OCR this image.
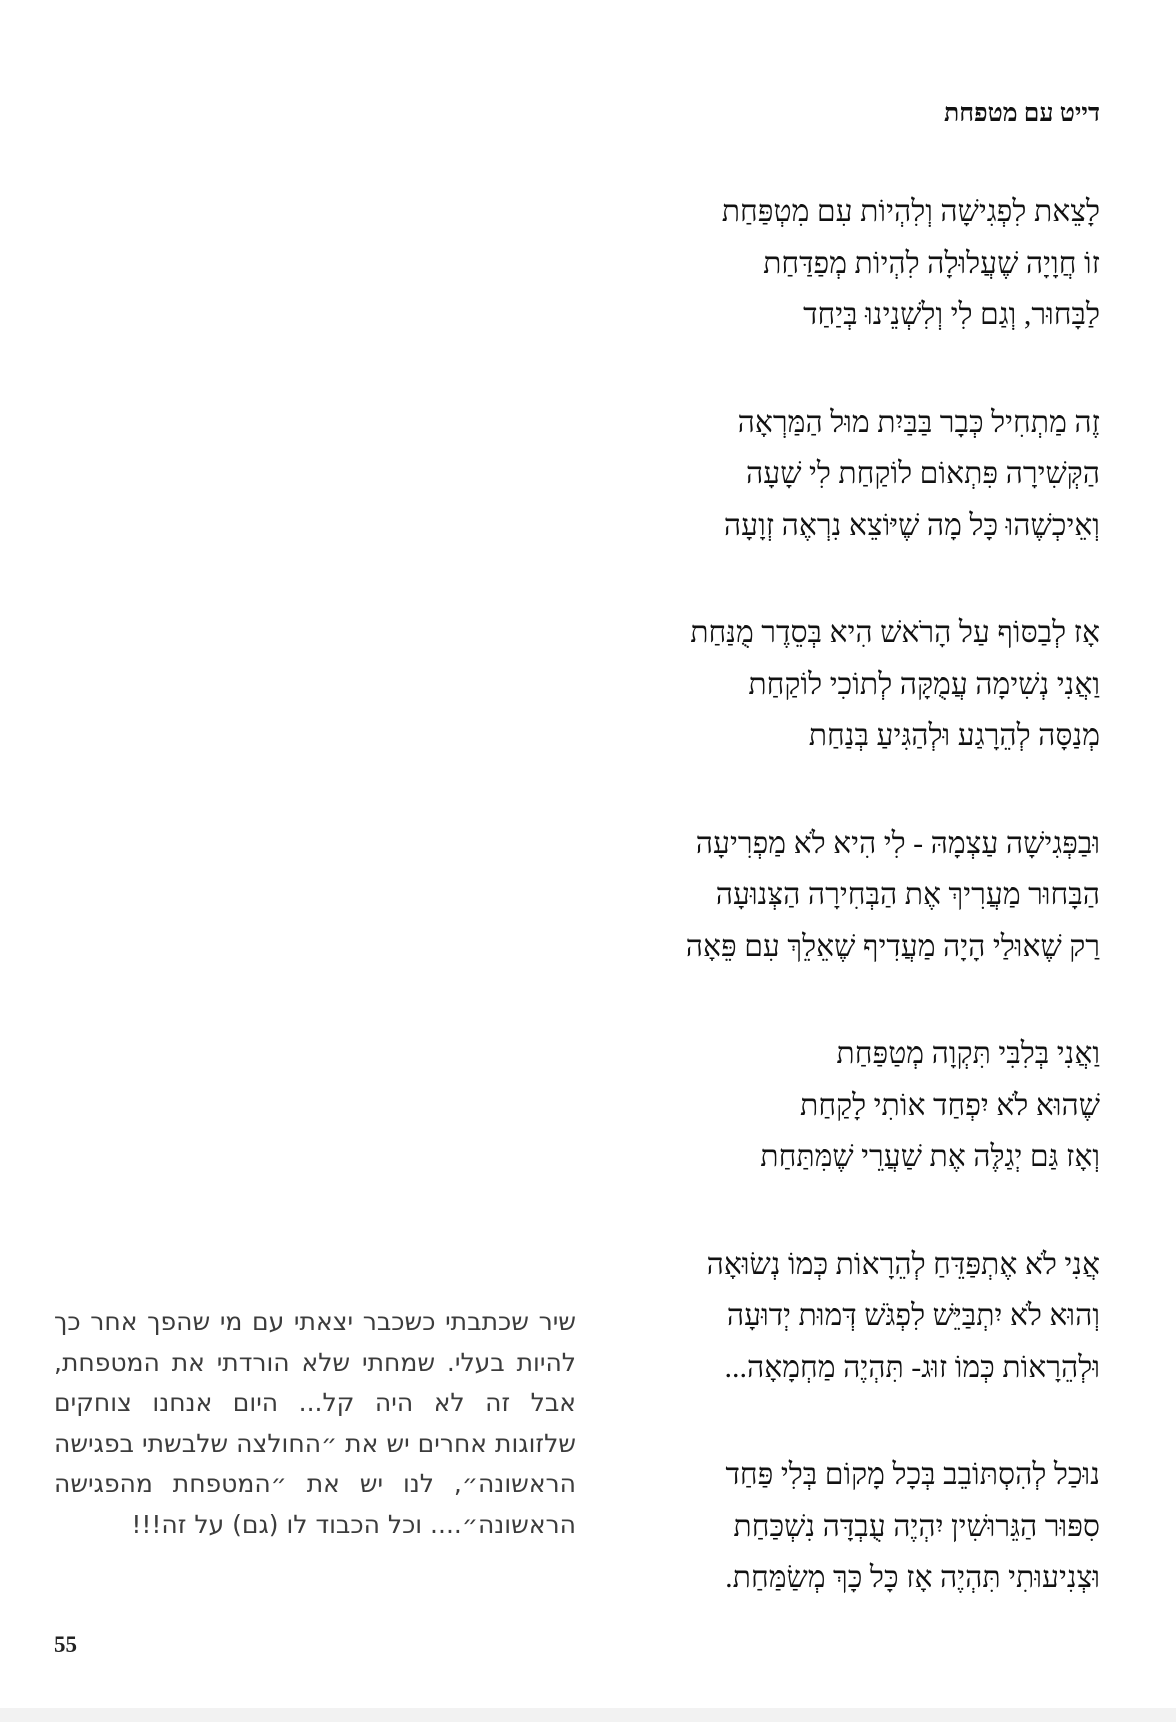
דייט עם מטפחת
לָצֵאת לִפְגִישָׁה וְלִהְיוֹת עִם מִטְפַּחַת
זוֹ חֲוָיָה שֶׁעֲלוּלָה לִהְיוֹת מְפַדַּחַת
לַבָּחוּר, וְגַם לִי וְלִשְׁנֵינוּ בְּיַחַד
זֶה מַתְחִיל כְּבָר בַּבַּיִת מוּל הַמַּרְאָה
הַקְּשִׁירָה פִּתְאוֹם לוֹקַחַת לִי שָׁעָה
וְאֵיכְשֶׁהוּ כָּל מָה שֶׁיּוֹצֵא נִרְאֶה זְוָעָה
אָז לְבַסּוֹף עַל הָרֹאשׁ הִיא בְּסֵדֶר מֻנַּחַת
וַאֲנִי נְשִׁימָה עֲמֻקָּה לְתוֹכִי לוֹקַחַת
מְנַסָּה לְהֵרָגַע וּלְהַגִּיעַ בְּנַחַת
וּבַפְּגִישָׁה עַצְמָהּ - לִי הִיא לֹא מַפְרִיעָה
הַבָּחוּר מַעֲרִיךְ אֶת הַבְּחִירָה הַצְּנוּעָה
רַק שֶׁאוּלַי הָיָה מַעֲדִיף שֶׁאֵלֵךְ עִם פֵּאָה
וַאֲנִי בְּלִבִּי תִּקְוָה מְטַפַּחַת
שֶׁהוּא לֹא יִפְחַד אוֹתִי לָקַחַת
וְאָז גַּם יְגַלֶּה אֶת שַׁעֲרֵי שֶׁמִּתַּחַת
אֲנִי לֹא אֶתְפַּדֵּחַ לְהֵרָאוֹת כְּמוֹ נְשׂוּאָה
וְהוּא לֹא יִתְבַּיֵּשׁ לִפְגֹּשׁ דְּמוּת יְדוּעָה
וּלְהֵרָאוֹת כְּמוֹ זוּג- תִּהְיֶה מַחְמָאָה...
נוּכַל לְהִסְתּוֹבֵב בְּכָל מָקוֹם בְּלִי פַּחַד
סִפּוּר הַגֵּרוּשִׁין יִהְיֶה עֻבְדָּה נִשְׁכַּחַת
וּצְנִיעוּתִי תִּהְיֶה אָז כָּל כָּךְ מְשַׂמַּחַת.
שיר שכתבתי כשכבר יצאתי עם מי שהפך אחר כך להיות בעלי. שמחתי שלא הורדתי את המטפחת, אבל זה לא היה קל... היום אנחנו צוחקים שלזוגות אחרים יש את ״החולצה שלבשתי בפגישה הראשונה״, לנו יש את ״המטפחת מהפגישה הראשונה״.... וכל הכבוד לו (גם) על זה!!!
55
